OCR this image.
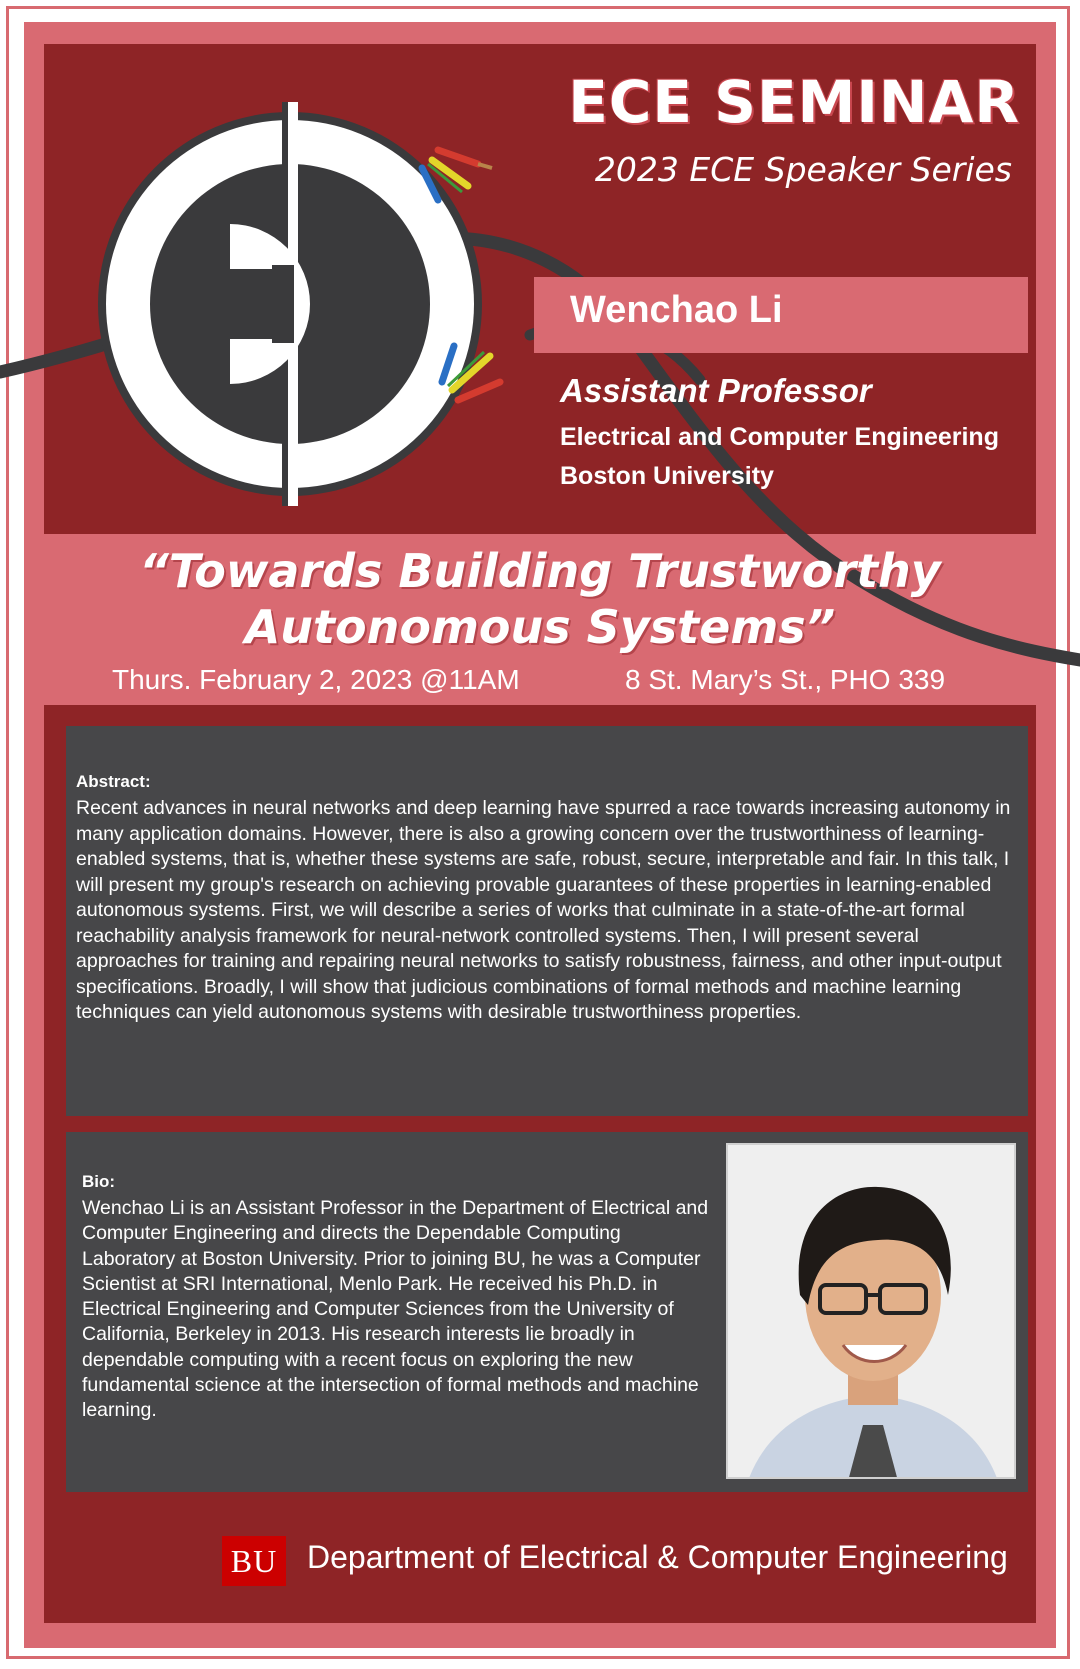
ECE SEMINAR
2023 ECE Speaker Series
Wenchao Li
Assistant Professor
Electrical and Computer Engineering
Boston University
“Towards Building Trustworthy
Autonomous Systems”
Thurs. February 2, 2023 @11AM	8 St. Mary’s St., PHO 339

Abstract:

Recent advances in neural networks and deep learning have spurred a race towards increasing autonomy in many application domains. However, there is also a growing concern over the trustworthiness of learning-enabled systems, that is, whether these systems are safe, robust, secure, interpretable and fair. In this talk, I will present my group's research on achieving provable guarantees of these properties in learning-enabled autonomous systems. First, we will describe a series of works that culminate in a state-of-the-art formal reachability analysis framework for neural-network controlled systems. Then, I will present several approaches for training and repairing neural networks to satisfy robustness, fairness, and other input-output specifications. Broadly, I will show that judicious combinations of formal methods and machine learning techniques can yield autonomous systems with desirable trustworthiness properties.

Bio:

Wenchao Li is an Assistant Professor in the Department of Electrical and Computer Engineering and directs the Dependable Computing Laboratory at Boston University. Prior to joining BU, he was a Computer Scientist at SRI International, Menlo Park. He received his Ph.D. in Electrical Engineering and Computer Sciences from the University of California, Berkeley in 2013. His research interests lie broadly in dependable computing with a recent focus on exploring the new fundamental science at the intersection of formal methods and machine learning.

BU Department of Electrical & Computer Engineering
